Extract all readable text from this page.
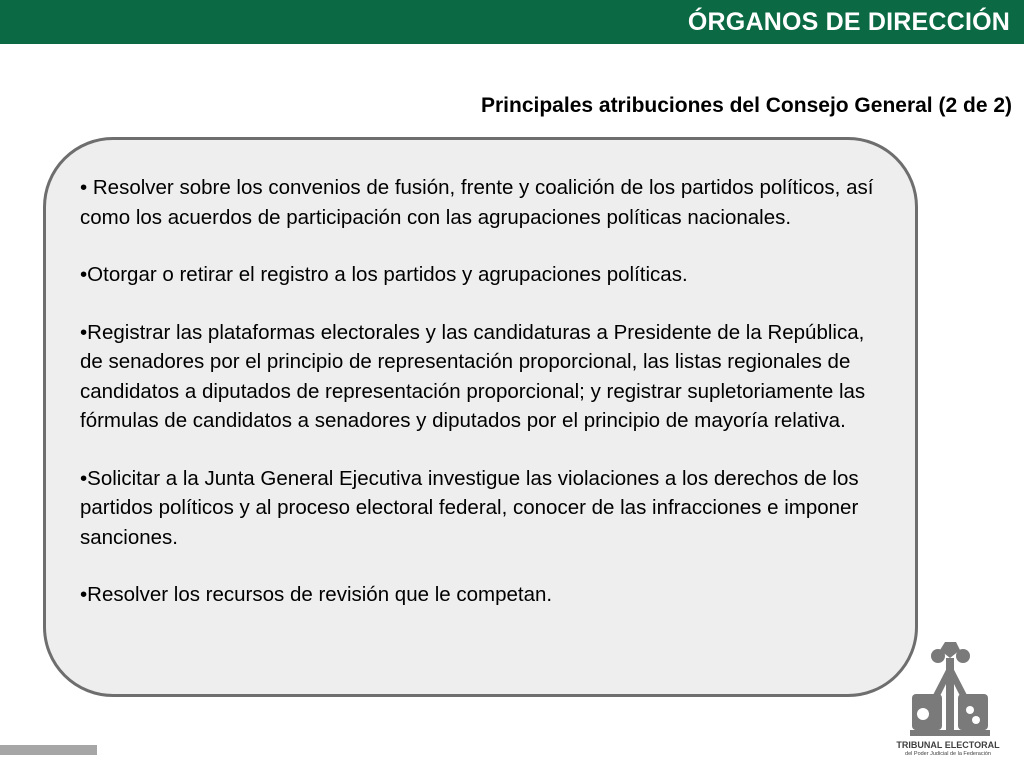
ÓRGANOS DE DIRECCIÓN
Principales atribuciones del Consejo General (2 de 2)
• Resolver sobre los convenios de fusión, frente y coalición de los partidos políticos, así como los acuerdos de participación con las agrupaciones políticas nacionales.
•Otorgar o retirar el registro a los partidos y agrupaciones políticas.
•Registrar las plataformas electorales y las candidaturas a Presidente de la República, de senadores por el principio de representación proporcional, las listas regionales de candidatos a diputados de representación proporcional; y registrar supletoriamente las fórmulas de candidatos a senadores y diputados por el principio de mayoría relativa.
•Solicitar a la Junta General Ejecutiva investigue las violaciones a los derechos de los partidos políticos y al proceso electoral federal, conocer de las infracciones e imponer sanciones.
•Resolver los recursos de revisión que le competan.
TRIBUNAL ELECTORAL
del Poder Judicial de la Federación
